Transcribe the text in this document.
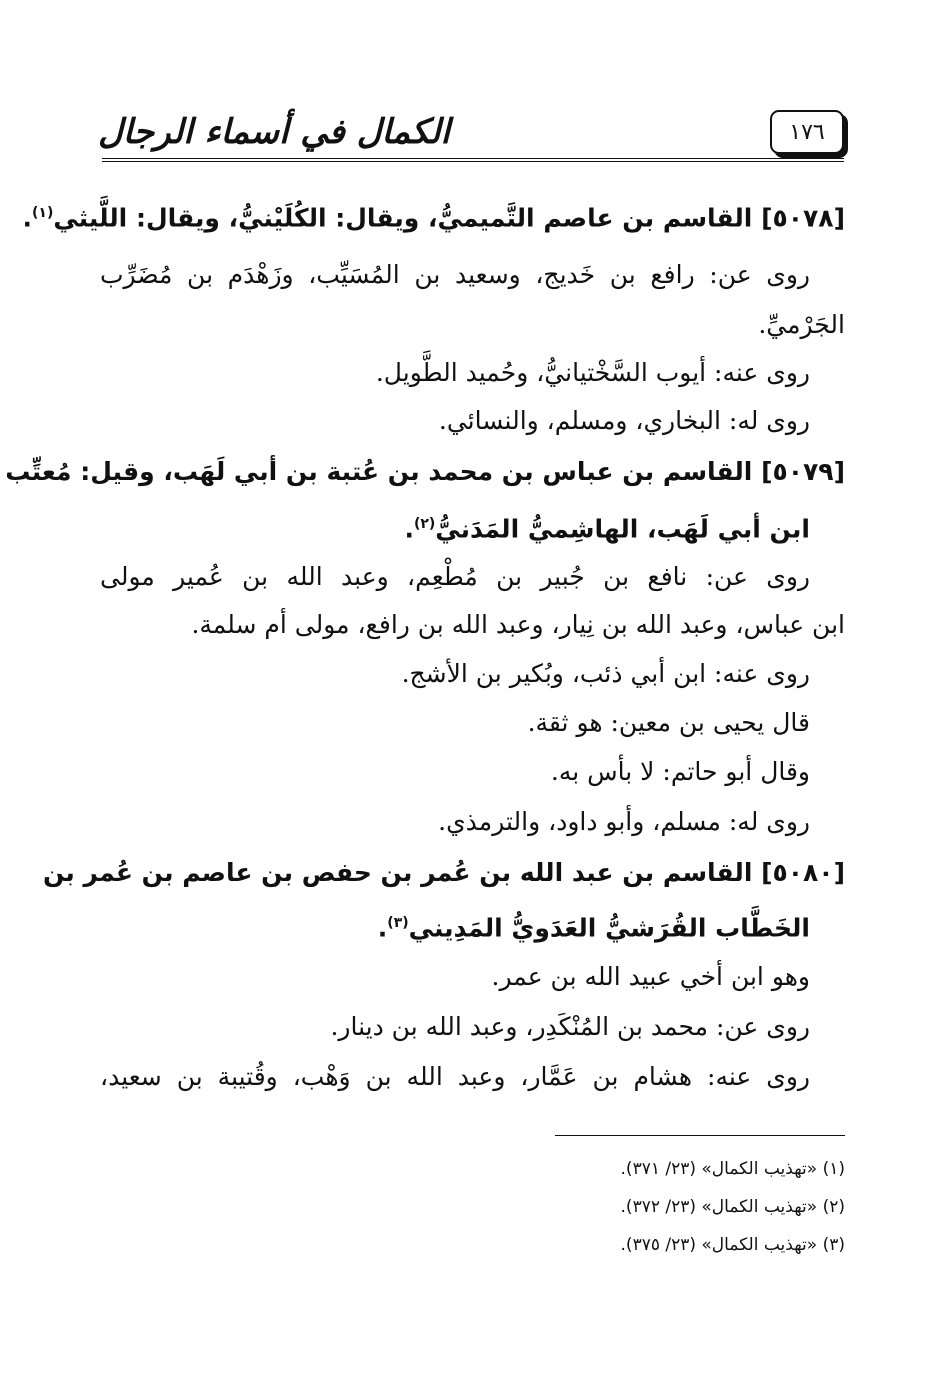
الكمال في أسماء الرجال	١٧٦
[٥٠٧٨] القاسم بن عاصم التَّميميُّ، ويقال: الكُلَيْنيُّ، ويقال: اللَّيثي$^{(١)}$.
روى عن: رافع بن خَديج، وسعيد بن المُسَيِّب، وزَهْدَم بن مُضَرِّب
الجَرْميِّ.
روى عنه: أيوب السَّخْتيانيُّ، وحُميد الطَّويل.
روى له: البخاري، ومسلم، والنسائي.
[٥٠٧٩] القاسم بن عباس بن محمد بن عُتبة بن أبي لَهَب، وقيل: مُعتِّب
ابن أبي لَهَب، الهاشِميُّ المَدَنيُّ$^{(٢)}$.
روى عن: نافع بن جُبير بن مُطْعِم، وعبد الله بن عُمير مولى
ابن عباس، وعبد الله بن نِيار، وعبد الله بن رافع، مولى أم سلمة.
روى عنه: ابن أبي ذئب، وبُكير بن الأشج.
قال يحيى بن معين: هو ثقة.
وقال أبو حاتم: لا بأس به.
روى له: مسلم، وأبو داود، والترمذي.
[٥٠٨٠] القاسم بن عبد الله بن عُمر بن حفص بن عاصم بن عُمر بن
الخَطَّاب القُرَشيُّ العَدَويُّ المَدِيني$^{(٣)}$.
وهو ابن أخي عبيد الله بن عمر.
روى عن: محمد بن المُنْكَدِر، وعبد الله بن دينار.
روى عنه: هشام بن عَمَّار، وعبد الله بن وَهْب، وقُتيبة بن سعيد،
(١) «تهذيب الكمال» (٢٣/ ٣٧١).
(٢) «تهذيب الكمال» (٢٣/ ٣٧٢).
(٣) «تهذيب الكمال» (٢٣/ ٣٧٥).
